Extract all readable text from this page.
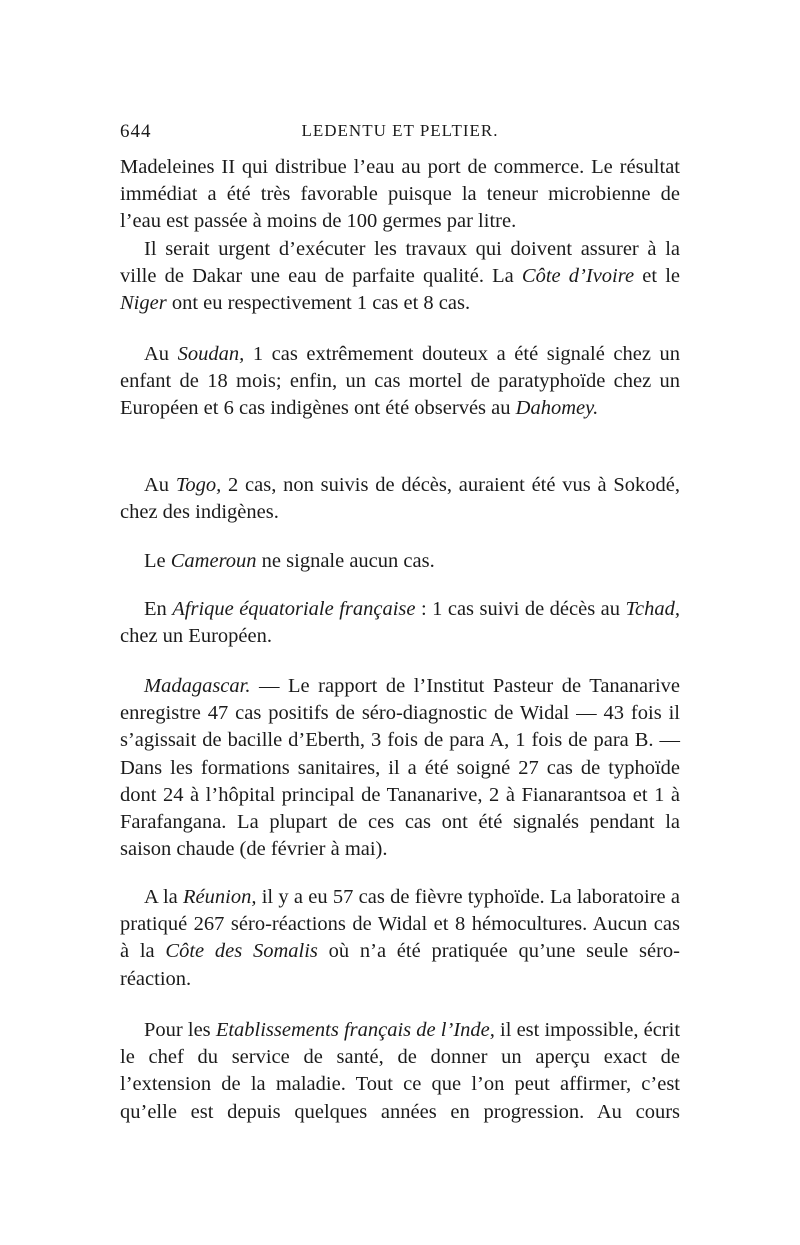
644	LEDENTU ET PELTIER.

Madeleines II qui distribue l’eau au port de commerce. Le résultat immédiat a été très favorable puisque la teneur microbienne de l’eau est passée à moins de 100 germes par litre.

Il serait urgent d’exécuter les travaux qui doivent assurer à la ville de Dakar une eau de parfaite qualité. La Côte d’Ivoire et le Niger ont eu respectivement 1 cas et 8 cas.

Au Soudan, 1 cas extrêmement douteux a été signalé chez un enfant de 18 mois; enfin, un cas mortel de paratyphoïde chez un Européen et 6 cas indigènes ont été observés au Dahomey.

Au Togo, 2 cas, non suivis de décès, auraient été vus à Sokodé, chez des indigènes.

Le Cameroun ne signale aucun cas.

En Afrique équatoriale française : 1 cas suivi de décès au Tchad, chez un Européen.

Madagascar. — Le rapport de l’Institut Pasteur de Tananarive enregistre 47 cas positifs de séro-diagnostic de Widal — 43 fois il s’agissait de bacille d’Eberth, 3 fois de para A, 1 fois de para B. — Dans les formations sanitaires, il a été soigné 27 cas de typhoïde dont 24 à l’hôpital principal de Tananarive, 2 à Fianarantsoa et 1 à Farafangana. La plupart de ces cas ont été signalés pendant la saison chaude (de février à mai).

A la Réunion, il y a eu 57 cas de fièvre typhoïde. La laboratoire a pratiqué 267 séro-réactions de Widal et 8 hémocultures. Aucun cas à la Côte des Somalis où n’a été pratiquée qu’une seule séro-réaction.

Pour les Etablissements français de l’Inde, il est impossible, écrit le chef du service de santé, de donner un aperçu exact de l’extension de la maladie. Tout ce que l’on peut affirmer, c’est qu’elle est depuis quelques années en progression. Au cours
